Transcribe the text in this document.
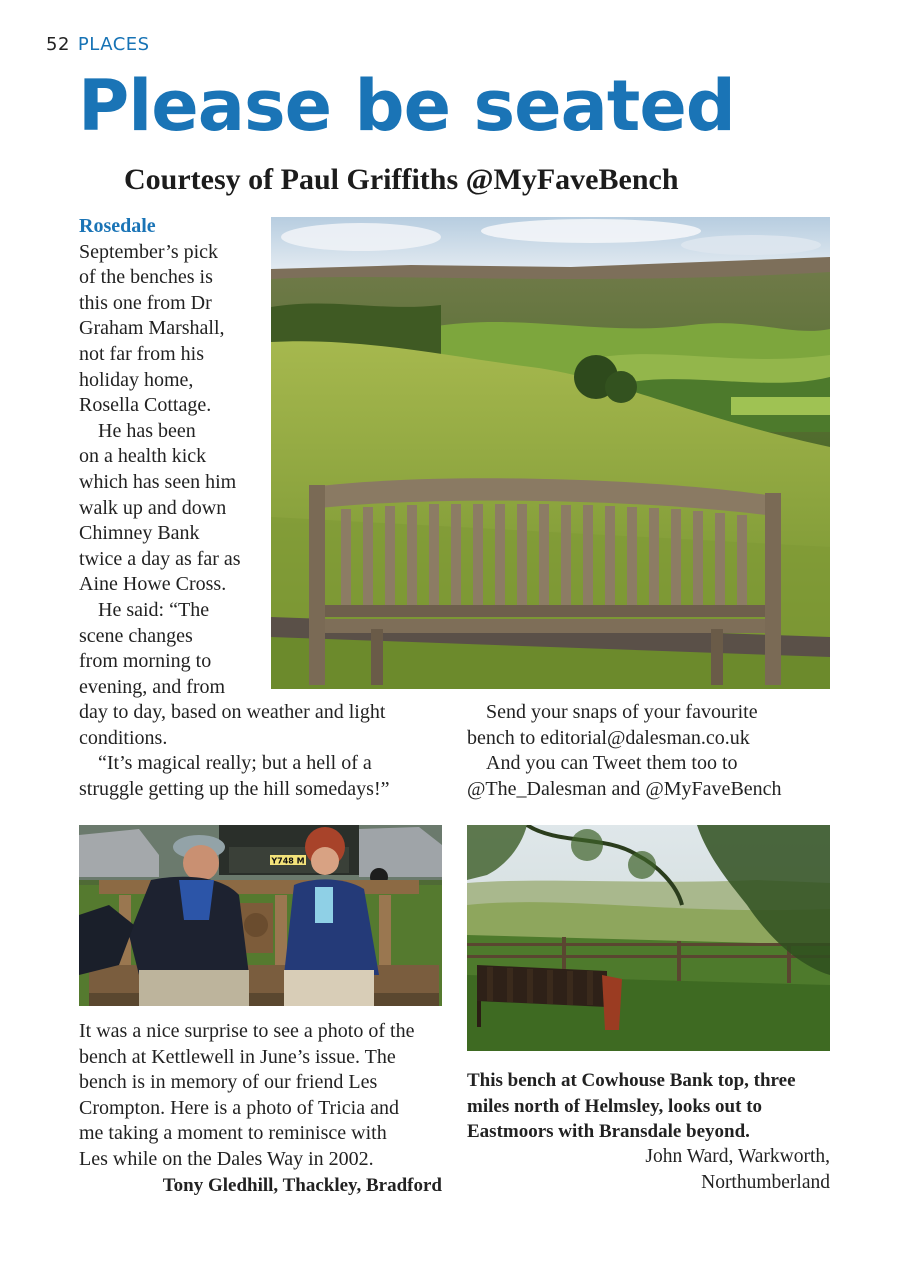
52 PLACES
Please be seated
Courtesy of Paul Griffiths @MyFaveBench
Rosedale
September’s pick
of the benches is
this one from Dr
Graham Marshall,
not far from his
holiday home,
Rosella Cottage.
He has been
on a health kick
which has seen him
walk up and down
Chimney Bank
twice a day as far as
Aine Howe Cross.
He said: “The
scene changes
from morning to
evening, and from
day to day, based on weather and light
conditions.
“It’s magical really; but a hell of a
struggle getting up the hill somedays!”
Send your snaps of your favourite
bench to editorial@dalesman.co.uk
And you can Tweet them too to
@The_Dalesman and @MyFaveBench
Y748 M
It was a nice surprise to see a photo of the
bench at Kettlewell in June’s issue. The
bench is in memory of our friend Les
Crompton. Here is a photo of Tricia and
me taking a moment to reminisce with
Les while on the Dales Way in 2002.
Tony Gledhill, Thackley, Bradford
This bench at Cowhouse Bank top, three
miles north of Helmsley, looks out to
Eastmoors with Bransdale beyond.
John Ward, Warkworth,
Northumberland
